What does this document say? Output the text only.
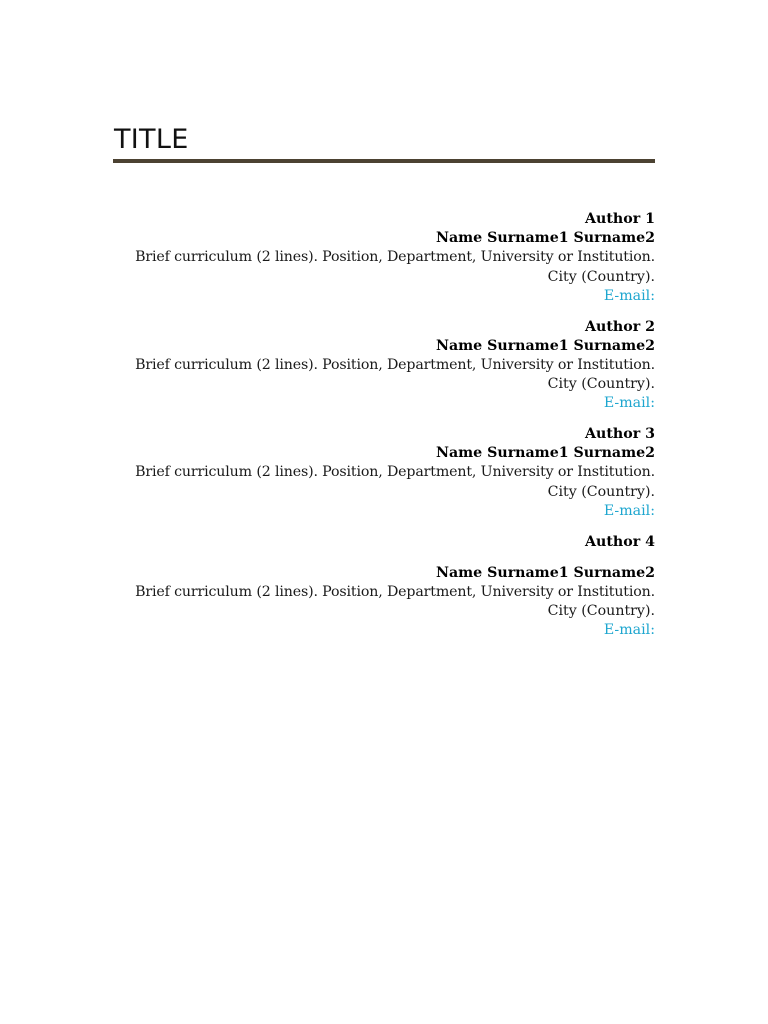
TITLE
Author 1
Name Surname1 Surname2
Brief curriculum (2 lines). Position, Department, University or Institution.
City (Country).
E-mail:
Author 2
Name Surname1 Surname2
Brief curriculum (2 lines). Position, Department, University or Institution.
City (Country).
E-mail:
Author 3
Name Surname1 Surname2
Brief curriculum (2 lines). Position, Department, University or Institution.
City (Country).
E-mail:
Author 4
Name Surname1 Surname2
Brief curriculum (2 lines). Position, Department, University or Institution.
City (Country).
E-mail:
